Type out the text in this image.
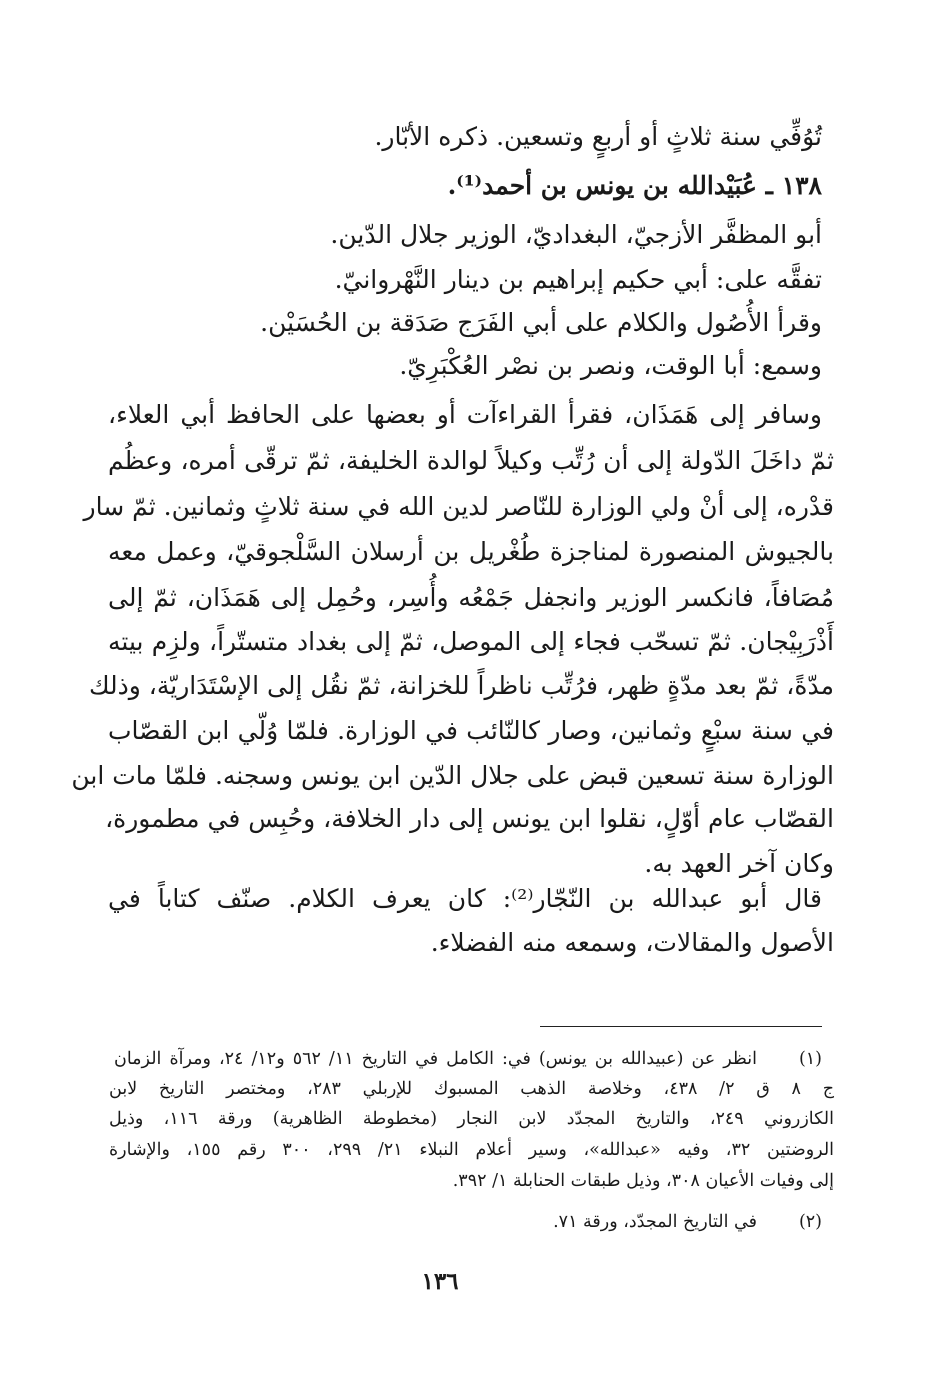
تُوُفِّي سنة ثلاثٍ أو أربعٍ وتسعين. ذكره الأبّار.
١٣٨ ـ عُبَيْدالله بن يونس بن أحمد⁽¹⁾.
أبو المظفَّر الأزجيّ، البغداديّ، الوزير جلال الدّين.
تفقَّه على: أبي حكيم إبراهيم بن دينار النَّهْروانيّ.
وقرأ الأُصُول والكلام على أبي الفَرَج صَدَقة بن الحُسَيْن.
وسمع: أبا الوقت، ونصر بن نصْر العُكْبَرِيّ.
وسافر إلى هَمَذَان، فقرأ القراءآت أو بعضها على الحافظ أبي العلاء،
ثمّ داخَلَ الدّولة إلى أن رُتِّب وكيلاً لوالدة الخليفة، ثمّ ترقّى أمره، وعظُم
قدْره، إلى أنْ ولي الوزارة للنّاصر لدين الله في سنة ثلاثٍ وثمانين. ثمّ سار
بالجيوش المنصورة لمناجزة طُغْريل بن أرسلان السَّلْجوقيّ، وعمل معه
مُصَافاً، فانكسر الوزير وانجفل جَمْعُه وأُسِر، وحُمِل إلى هَمَذَان، ثمّ إلى
أَذْرَبِيْجان. ثمّ تسحّب فجاء إلى الموصل، ثمّ إلى بغداد متستّراً، ولزِم بيته
مدّةً، ثمّ بعد مدّةٍ ظهر، فرُتِّب ناظراً للخزانة، ثمّ نقُل إلى الإسْتَدَاريّة، وذلك
في سنة سبْعٍ وثمانين، وصار كالنّائب في الوزارة. فلمّا وُلّي ابن القصّاب
الوزارة سنة تسعين قبض على جلال الدّين ابن يونس وسجنه. فلمّا مات ابن
القصّاب عام أوّلٍ، نقلوا ابن يونس إلى دار الخلافة، وحُبِس في مطمورة،
وكان آخر العهد به.
قال أبو عبدالله بن النّجّار⁽²⁾: كان يعرف الكلام. صنّف كتاباً في
الأصول والمقالات، وسمعه منه الفضلاء.
(١)
انظر عن (عبيدالله بن يونس) في: الكامل في التاريخ ١١/ ٥٦٢ و١٢/ ٢٤، ومرآة الزمان
ج ٨ ق ٢/ ٤٣٨، وخلاصة الذهب المسبوك للإربلي ٢٨٣، ومختصر التاريخ لابن
الكازروني ٢٤٩، والتاريخ المجدّد لابن النجار (مخطوطة الظاهرية) ورقة ١١٦، وذيل
الروضتين ٣٢، وفيه «عبدالله»، وسير أعلام النبلاء ٢١/ ٢٩٩، ٣٠٠ رقم ١٥٥، والإشارة
إلى وفيات الأعيان ٣٠٨، وذيل طبقات الحنابلة ١/ ٣٩٢.
(٢)
في التاريخ المجدّد، ورقة ٧١.
١٣٦
